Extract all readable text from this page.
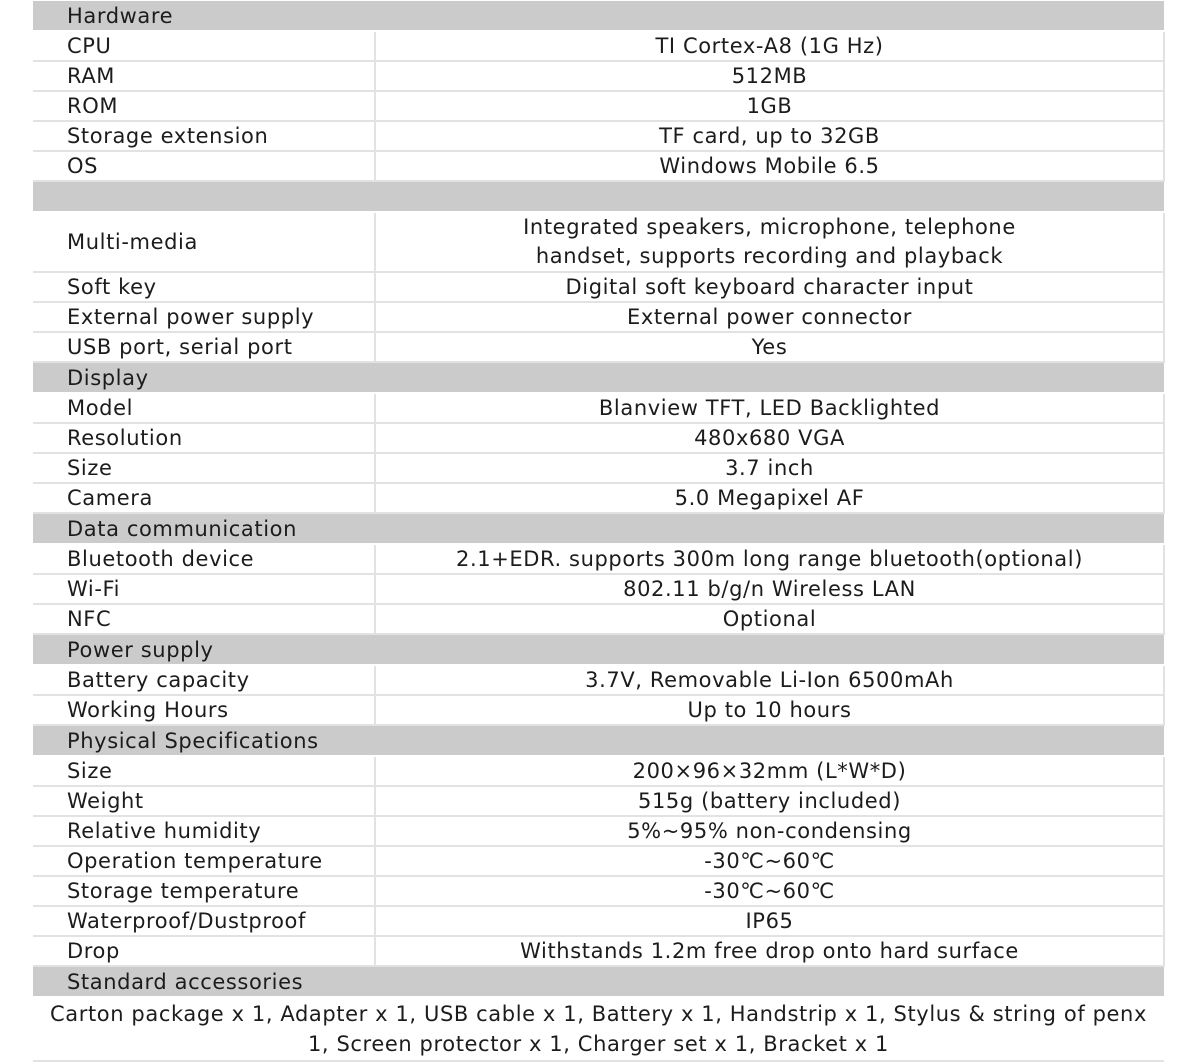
Hardware	
CPU	TI Cortex-A8 (1G Hz)
RAM	512MB
ROM	1GB
Storage extension	TF card, up to 32GB
OS	Windows Mobile 6.5

Multi-media	Integrated speakers, microphone, telephone handset, supports recording and playback
Soft key	Digital soft keyboard character input
External power supply	External power connector
USB port, serial port	Yes
Display	
Model	Blanview TFT, LED Backlighted
Resolution	480x680 VGA
Size	3.7 inch
Camera	5.0 Megapixel AF
Data communication	
Bluetooth device	2.1+EDR. supports 300m long range bluetooth(optional)
Wi-Fi	802.11 b/g/n Wireless LAN
NFC	Optional
Power supply	
Battery capacity	3.7V, Removable Li-Ion 6500mAh
Working Hours	Up to 10 hours
Physical Specifications	
Size	200×96×32mm (L*W*D)
Weight	515g (battery included)
Relative humidity	5%~95% non-condensing
Operation temperature	-30℃~60℃
Storage temperature	-30℃~60℃
Waterproof/Dustproof	IP65
Drop	Withstands 1.2m free drop onto hard surface
Standard accessories	
Carton package x 1, Adapter x 1, USB cable x 1, Battery x 1, Handstrip x 1, Stylus & string of penx 1, Screen protector x 1, Charger set x 1, Bracket x 1	
